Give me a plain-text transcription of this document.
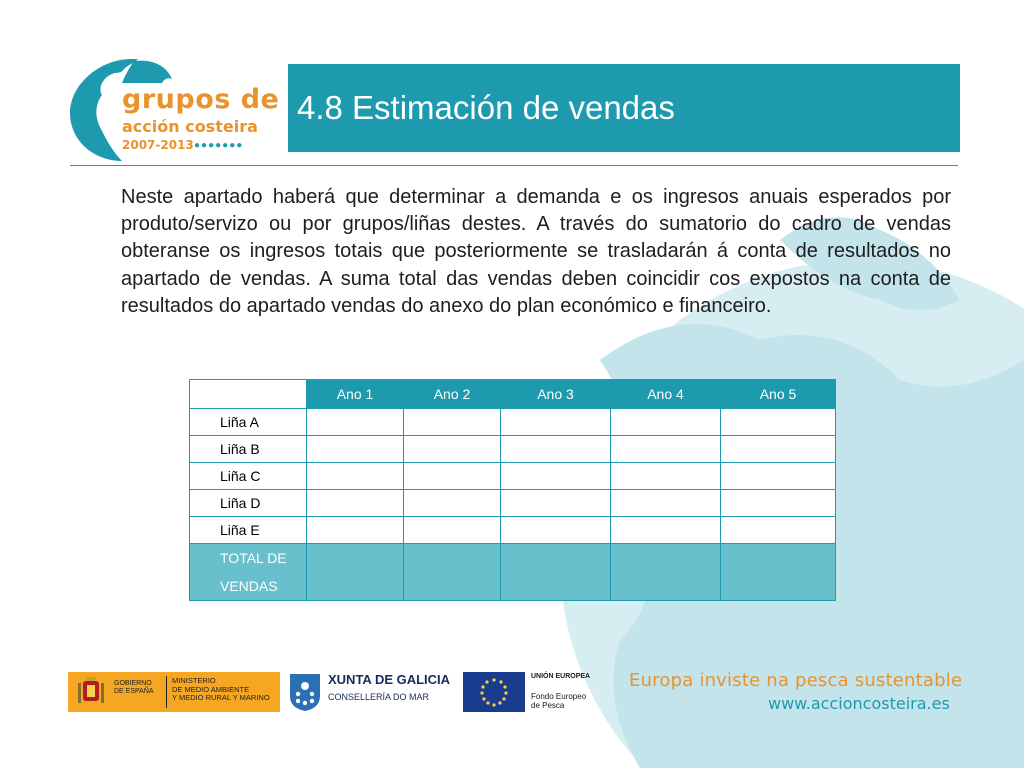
grupos de
acción costeira
2007-2013 ●●●●●●●
4.8 Estimación de vendas

Neste apartado haberá que determinar a demanda e os ingresos anuais esperados por produto/servizo ou por grupos/liñas destes. A través do sumatorio do cadro de vendas obteranse os ingresos totais que posteriormente se trasladarán á conta de resultados no apartado de vendas. A suma total das vendas deben coincidir cos expostos na conta de resultados do apartado vendas do anexo do plan económico e financeiro.

	Ano 1	Ano 2	Ano 3	Ano 4	Ano 5
Liña A					
Liña B					
Liña C					
Liña D					
Liña E					
TOTAL DE VENDAS					
GOBIERNO
DE ESPAÑA
MINISTERIO
DE MEDIO AMBIENTE
Y MEDIO RURAL Y MARINO
XUNTA DE GALICIA
CONSELLERÍA DO MAR
UNIÓN EUROPEA
Fondo Europeo
de Pesca
Europa inviste na pesca sustentable
www.accioncosteira.es
